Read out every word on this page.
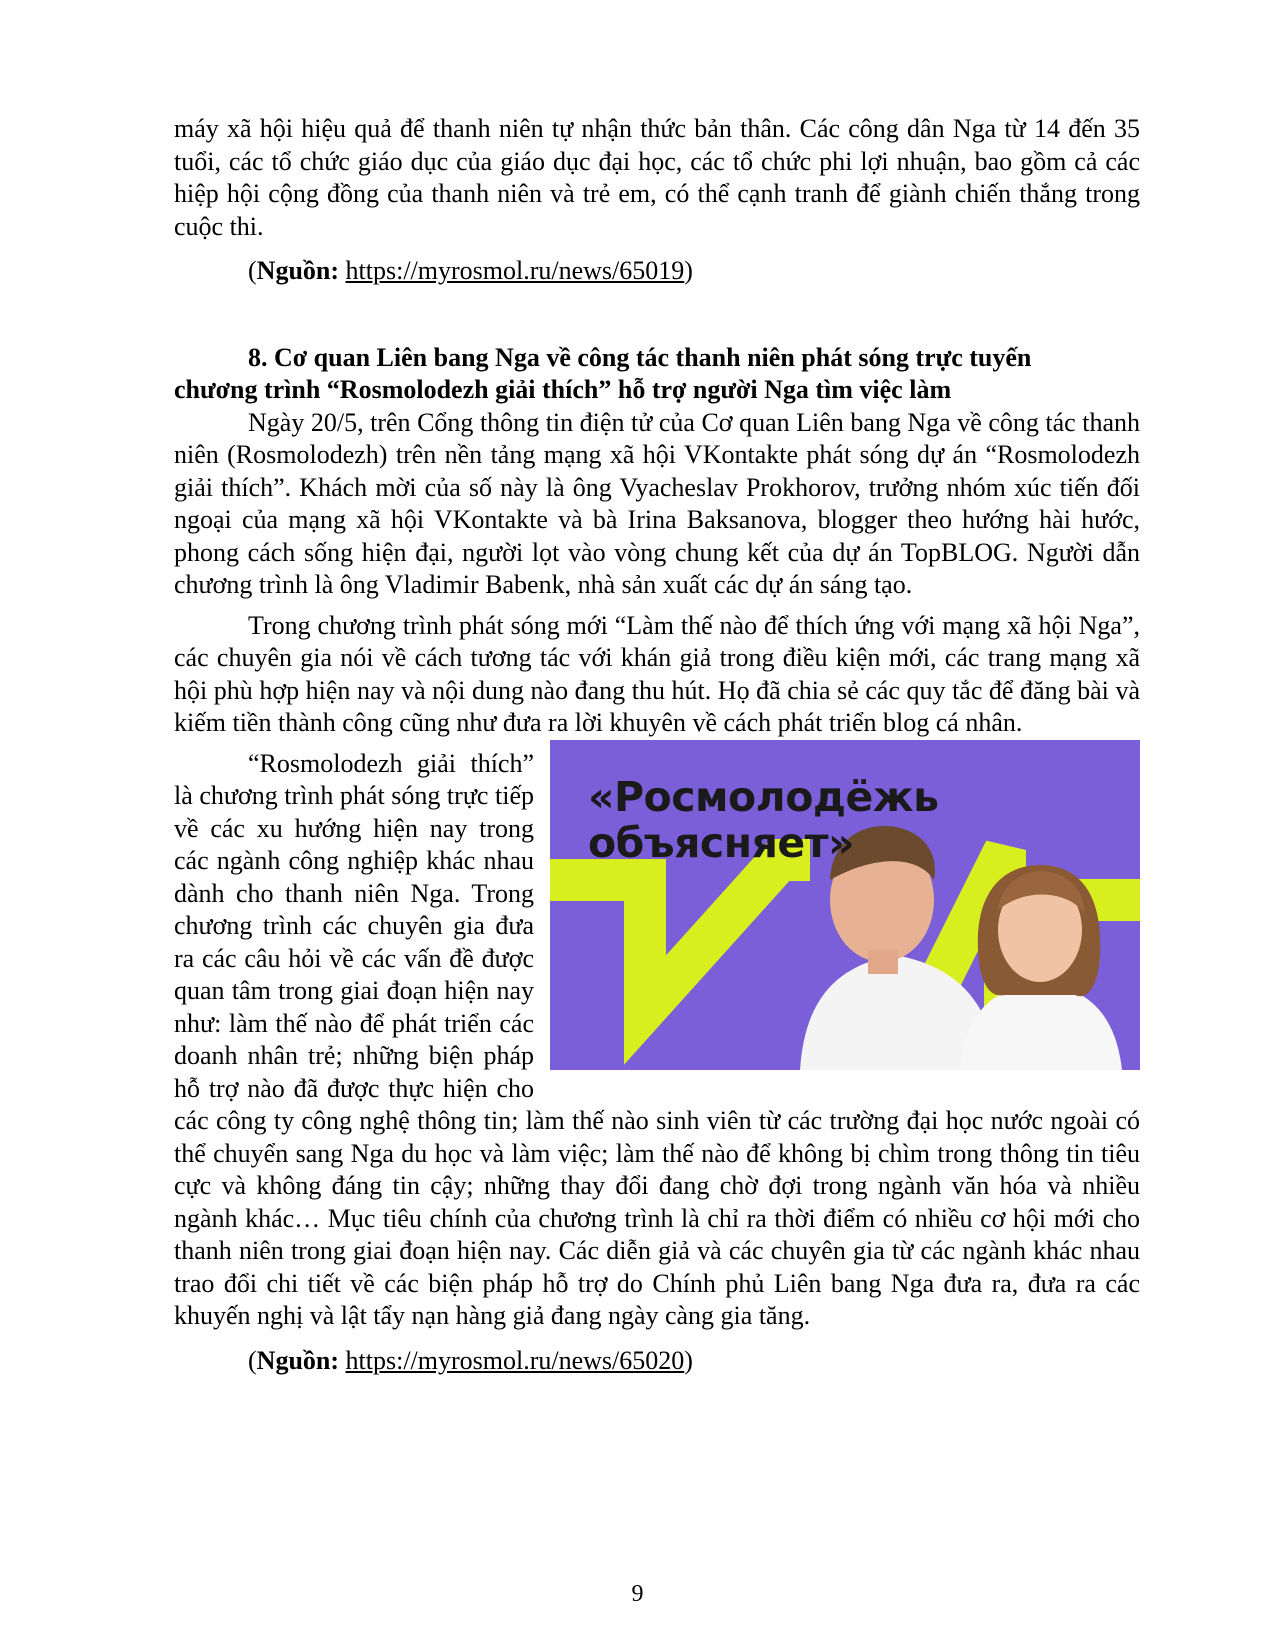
máy xã hội hiệu quả để thanh niên tự nhận thức bản thân. Các công dân Nga từ 14 đến 35 tuổi, các tổ chức giáo dục của giáo dục đại học, các tổ chức phi lợi nhuận, bao gồm cả các hiệp hội cộng đồng của thanh niên và trẻ em, có thể cạnh tranh để giành chiến thắng trong cuộc thi.

(Nguồn: https://myrosmol.ru/news/65019)

8. Cơ quan Liên bang Nga về công tác thanh niên phát sóng trực tuyến
chương trình “Rosmolodezh giải thích” hỗ trợ người Nga tìm việc làm

Ngày 20/5, trên Cổng thông tin điện tử của Cơ quan Liên bang Nga về công tác thanh niên (Rosmolodezh) trên nền tảng mạng xã hội VKontakte phát sóng dự án “Rosmolodezh giải thích”. Khách mời của số này là ông Vyacheslav Prokhorov, trưởng nhóm xúc tiến đối ngoại của mạng xã hội VKontakte và bà Irina Baksanova, blogger theo hướng hài hước, phong cách sống hiện đại, người lọt vào vòng chung kết của dự án TopBLOG. Người dẫn chương trình là ông Vladimir Babenk, nhà sản xuất các dự án sáng tạo.

Trong chương trình phát sóng mới “Làm thế nào để thích ứng với mạng xã hội Nga”, các chuyên gia nói về cách tương tác với khán giả trong điều kiện mới, các trang mạng xã hội phù hợp hiện nay và nội dung nào đang thu hút. Họ đã chia sẻ các quy tắc để đăng bài và kiếm tiền thành công cũng như đưa ra lời khuyên về cách phát triển blog cá nhân.

«Росмолодёжь
объясняет»

“Rosmolodezh giải thích” là chương trình phát sóng trực tiếp về các xu hướng hiện nay trong các ngành công nghiệp khác nhau dành cho thanh niên Nga. Trong chương trình các chuyên gia đưa ra các câu hỏi về các vấn đề được quan tâm trong giai đoạn hiện nay như: làm thế nào để phát triển các doanh nhân trẻ; những biện pháp hỗ trợ nào đã được thực hiện cho các công ty công nghệ thông tin; làm thế nào sinh viên từ các trường đại học nước ngoài có thể chuyển sang Nga du học và làm việc; làm thế nào để không bị chìm trong thông tin tiêu cực và không đáng tin cậy; những thay đổi đang chờ đợi trong ngành văn hóa và nhiều ngành khác… Mục tiêu chính của chương trình là chỉ ra thời điểm có nhiều cơ hội mới cho thanh niên trong giai đoạn hiện nay. Các diễn giả và các chuyên gia từ các ngành khác nhau trao đổi chi tiết về các biện pháp hỗ trợ do Chính phủ Liên bang Nga đưa ra, đưa ra các khuyến nghị và lật tẩy nạn hàng giả đang ngày càng gia tăng.

(Nguồn: https://myrosmol.ru/news/65020)

9
